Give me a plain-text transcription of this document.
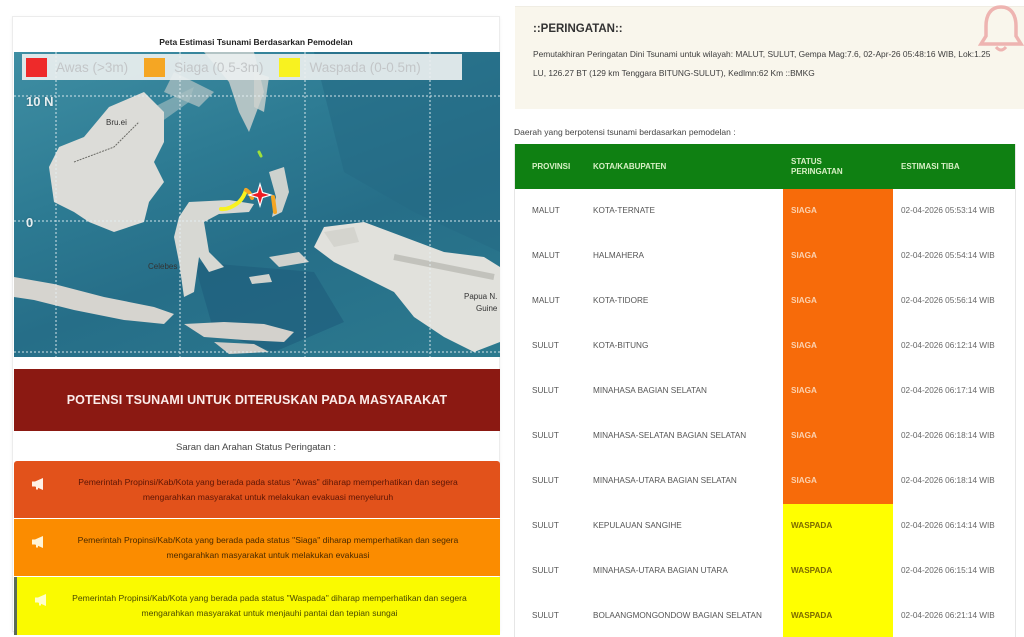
Peta Estimasi Tsunami Berdasarkan Pemodelan
10 N
0
Bru.ei
Celebes
Papua N.
Guine
Awas (>3m)	Siaga (0.5-3m)	Waspada (0-0.5m)
POTENSI TSUNAMI UNTUK DITERUSKAN PADA MASYARAKAT
Saran dan Arahan Status Peringatan :
Pemerintah Propinsi/Kab/Kota yang berada pada status "Awas" diharap memperhatikan dan segera mengarahkan masyarakat untuk melakukan evakuasi menyeluruh
Pemerintah Propinsi/Kab/Kota yang berada pada status "Siaga" diharap memperhatikan dan segera mengarahkan masyarakat untuk melakukan evakuasi
Pemerintah Propinsi/Kab/Kota yang berada pada status "Waspada" diharap memperhatikan dan segera mengarahkan masyarakat untuk menjauhi pantai dan tepian sungai
::PERINGATAN::
Pemutakhiran Peringatan Dini Tsunami untuk wilayah: MALUT, SULUT, Gempa Mag:7.6, 02-Apr-26 05:48:16 WIB, Lok:1.25 LU, 126.27 BT (129 km Tenggara BITUNG-SULUT), Kedlmn:62 Km ::BMKG
Daerah yang berpotensi tsunami berdasarkan pemodelan :
PROVINSI	KOTA/KABUPATEN	STATUS PERINGATAN	ESTIMASI TIBA
MALUT	KOTA-TERNATE	SIAGA	02-04-2026 05:53:14 WIB
MALUT	HALMAHERA	SIAGA	02-04-2026 05:54:14 WIB
MALUT	KOTA-TIDORE	SIAGA	02-04-2026 05:56:14 WIB
SULUT	KOTA-BITUNG	SIAGA	02-04-2026 06:12:14 WIB
SULUT	MINAHASA BAGIAN SELATAN	SIAGA	02-04-2026 06:17:14 WIB
SULUT	MINAHASA-SELATAN BAGIAN SELATAN	SIAGA	02-04-2026 06:18:14 WIB
SULUT	MINAHASA-UTARA BAGIAN SELATAN	SIAGA	02-04-2026 06:18:14 WIB
SULUT	KEPULAUAN SANGIHE	WASPADA	02-04-2026 06:14:14 WIB
SULUT	MINAHASA-UTARA BAGIAN UTARA	WASPADA	02-04-2026 06:15:14 WIB
SULUT	BOLAANGMONGONDOW BAGIAN SELATAN	WASPADA	02-04-2026 06:21:14 WIB
